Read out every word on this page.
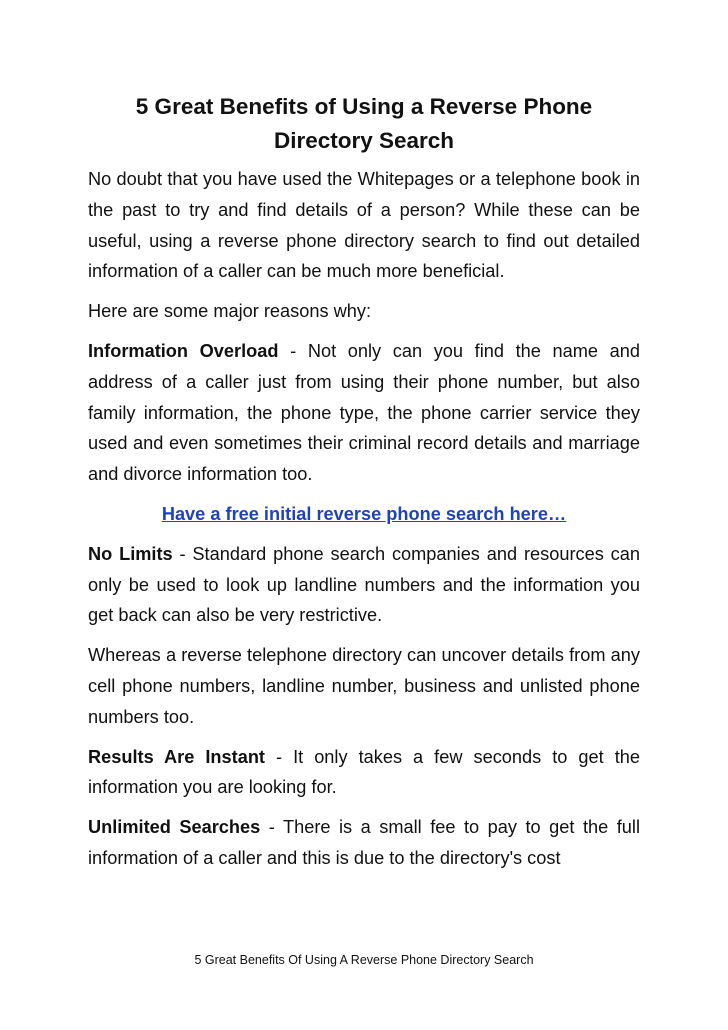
5 Great Benefits of Using a Reverse Phone Directory Search

No doubt that you have used the Whitepages or a telephone book in the past to try and find details of a person? While these can be useful, using a reverse phone directory search to find out detailed information of a caller can be much more beneficial.

Here are some major reasons why:

Information Overload - Not only can you find the name and address of a caller just from using their phone number, but also family information, the phone type, the phone carrier service they used and even sometimes their criminal record details and marriage and divorce information too.

Have a free initial reverse phone search here…

No Limits - Standard phone search companies and resources can only be used to look up landline numbers and the information you get back can also be very restrictive.

Whereas a reverse telephone directory can uncover details from any cell phone numbers, landline number, business and unlisted phone numbers too.

Results Are Instant - It only takes a few seconds to get the information you are looking for.

Unlimited Searches - There is a small fee to pay to get the full information of a caller and this is due to the directory's cost

5 Great Benefits Of Using A Reverse Phone Directory Search
